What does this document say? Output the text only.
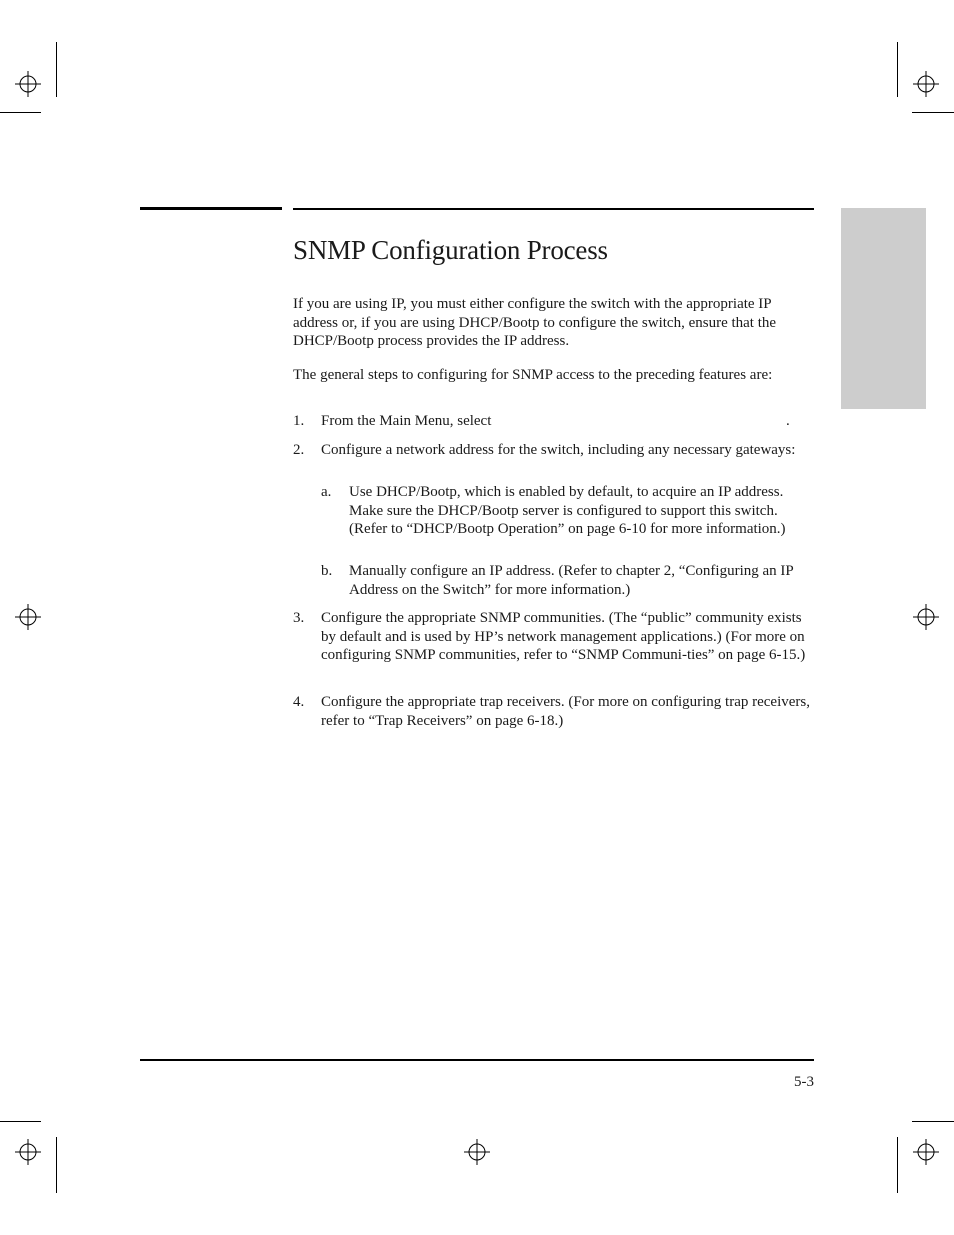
SNMP Configuration Process

If you are using IP, you must either configure the switch with the appropriate IP address or, if you are using DHCP/Bootp to configure the switch, ensure that the DHCP/Bootp process provides the IP address.

The general steps to configuring for SNMP access to the preceding features are:

1. From the Main Menu, select	.
2. Configure a network address for the switch, including any necessary gateways:
a. Use DHCP/Bootp, which is enabled by default, to acquire an IP address. Make sure the DHCP/Bootp server is configured to support this switch. (Refer to “DHCP/Bootp Operation” on page 6-10 for more information.)
b. Manually configure an IP address. (Refer to chapter 2, “Configuring an IP Address on the Switch” for more information.)
3. Configure the appropriate SNMP communities. (The “public” community exists by default and is used by HP’s network management applications.) (For more on configuring SNMP communities, refer to “SNMP Communi-ties” on page 6-15.)
4. Configure the appropriate trap receivers. (For more on configuring trap receivers, refer to “Trap Receivers” on page 6-18.)
5-3
